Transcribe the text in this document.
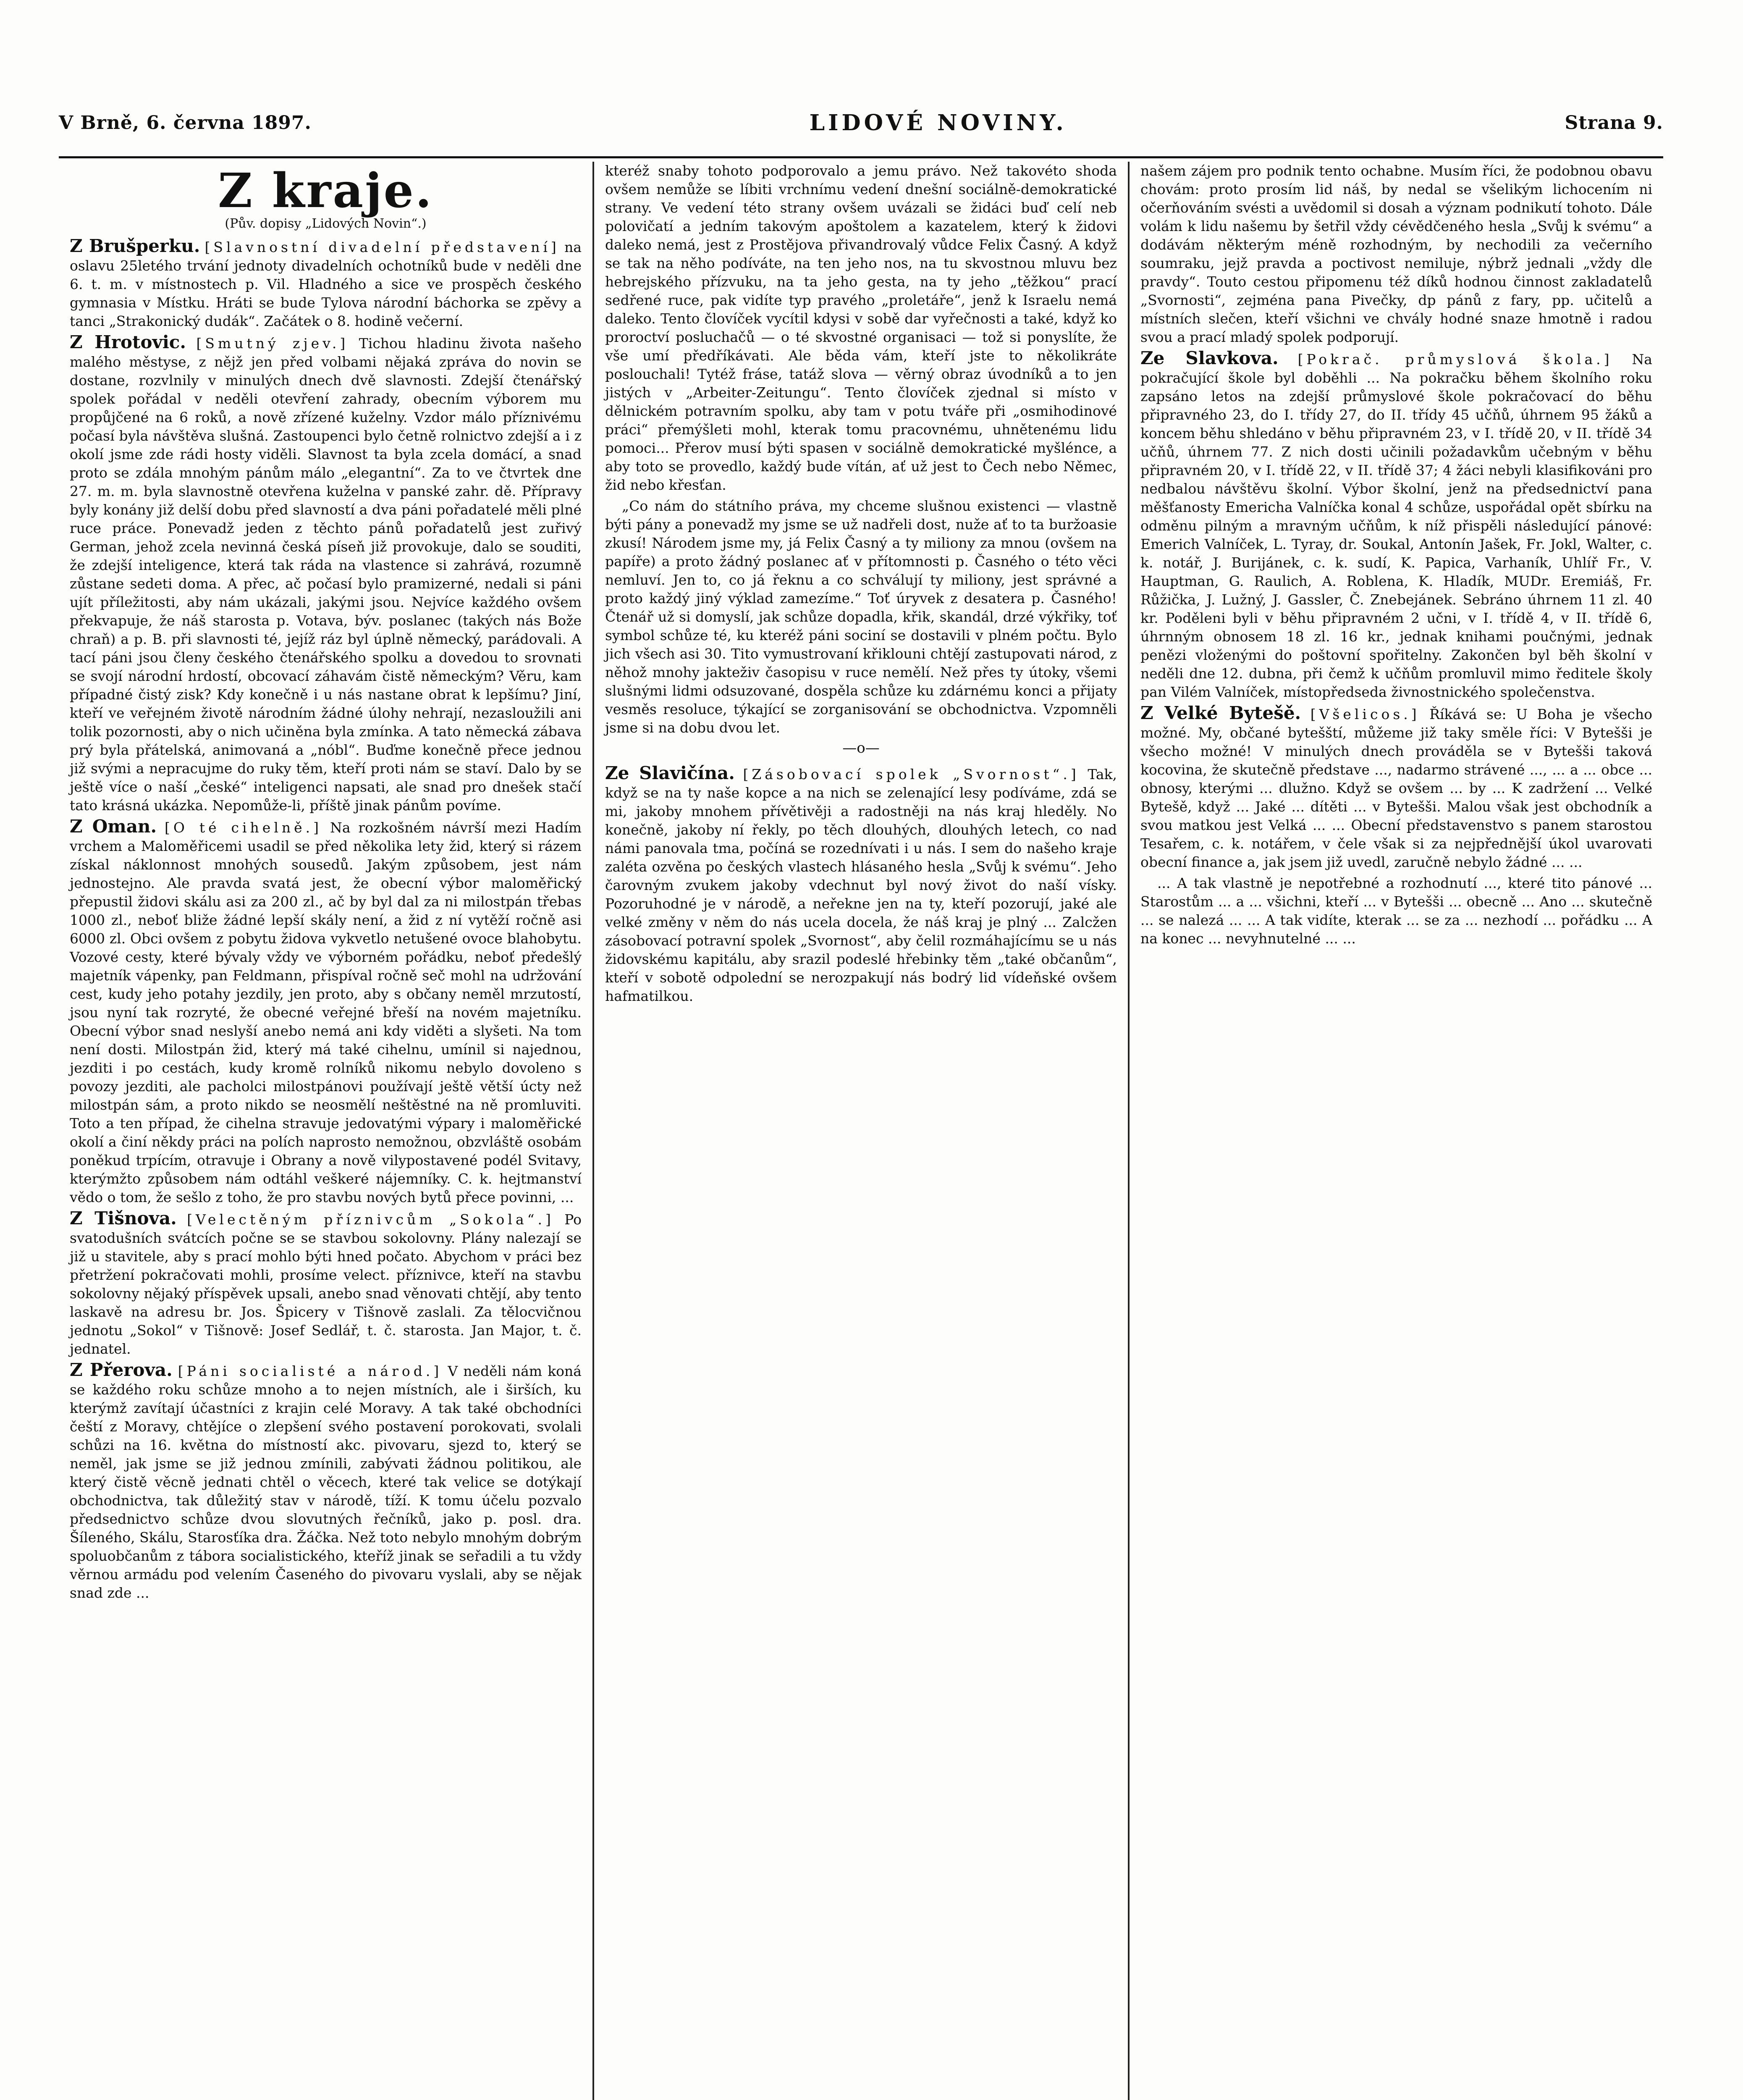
V Brně, 6. června 1897.	LIDOVÉ NOVINY.	Strana 9.
Z kraje.
(Pův. dopisy „Lidových Novin“.)

Z Brušperku. [Slavnostní divadelní představení] na oslavu 25letého trvání jednoty divadelních ochotníků bude v neděli dne 6. t. m. v místnostech p. Vil. Hladného a sice ve prospěch českého gymnasia v Místku. Hráti se bude Tylova národní báchorka se zpěvy a tanci „Strakonický dudák“. Začátek o 8. hodině večerní.

Z Hrotovic. [Smutný zjev.] Tichou hladinu života našeho malého městyse, z nějž jen před volbami nějaká zpráva do novin se dostane, rozvlnily v minulých dnech dvě slavnosti. Zdejší čtenářský spolek pořádal v neděli otevření zahrady, obecním výborem mu propůjčené na 6 roků, a nově zřízené kuželny. Vzdor málo příznivému počasí byla návštěva slušná. Zastoupenci bylo četně rolnictvo zdejší a i z okolí jsme zde rádi hosty viděli. Slavnost ta byla zcela domácí, a snad proto se zdála mnohým pánům málo „elegantní“. Za to ve čtvrtek dne 27. m. m. byla slavnostně otevřena kuželna v panské zahr. dě. Přípravy byly konány již delší dobu před slavností a dva páni pořadatelé měli plné ruce práce. Ponevadž jeden z těchto pánů pořadatelů jest zuřivý German, jehož zcela nevinná česká píseň již provokuje, dalo se souditi, že zdejší inteligence, která tak ráda na vlastence si zahrává, rozumně zůstane sedeti doma. A přec, ač počasí bylo pramizerné, nedali si páni ujít příležitosti, aby nám ukázali, jakými jsou. Nejvíce každého ovšem překvapuje, že náš starosta p. Votava, býv. poslanec (takých nás Bože chraň) a p. B. při slavnosti té, jejíž ráz byl úplně německý, parádovali. A tací páni jsou členy českého čtenářského spolku a dovedou to srovnati se svojí národní hrdostí, obcovací záhavám čistě německým? Věru, kam případné čistý zisk? Kdy konečně i u nás nastane obrat k lepšímu? Jiní, kteří ve veřejném životě národním žádné úlohy nehrají, nezasloužili ani tolik pozornosti, aby o nich učiněna byla zmínka. A tato německá zábava prý byla přátelská, animovaná a „nóbl“. Buďme konečně přece jednou již svými a nepracujme do ruky těm, kteří proti nám se staví. Dalo by se ještě více o naší „české“ inteligenci napsati, ale snad pro dnešek stačí tato krásná ukázka. Nepomůže-li, příště jinak pánům povíme.

Z Oman. [O té cihelně.] Na rozkošném návrší mezi Hadím vrchem a Maloměřicemi usadil se před několika lety žid, který si rázem získal náklonnost mnohých sousedů. Jakým způsobem, jest nám jednostejno. Ale pravda svatá jest, že obecní výbor maloměřický přepustil židovi skálu asi za 200 zl., ač by byl dal za ni milostpán třebas 1000 zl., neboť bliže žádné lepší skály není, a žid z ní vytěží ročně asi 6000 zl. Obci ovšem z pobytu židova vykvetlo netušené ovoce blahobytu. Vozové cesty, které bývaly vždy ve výborném pořádku, neboť předešlý majetník vápenky, pan Feldmann, přispíval ročně seč mohl na udržování cest, kudy jeho potahy jezdily, jen proto, aby s občany neměl mrzutostí, jsou nyní tak rozryté, že obecné veřejné břeší na novém majetníku. Obecní výbor snad neslyší anebo nemá ani kdy viděti a slyšeti. Na tom není dosti. Milostpán žid, který má také cihelnu, umínil si najednou, jezditi i po cestách, kudy kromě rolníků nikomu nebylo dovoleno s povozy jezditi, ale pacholci milostpánovi používají ještě větší úcty než milostpán sám, a proto nikdo se neosmělí neštěstné na ně promluviti. Toto a ten případ, že cihelna stravuje jedovatými výpary i maloměřické okolí a činí někdy práci na polích naprosto nemožnou, obzvláště osobám poněkud trpícím, otravuje i Obrany a nově vilypostavené podél Svitavy, kterýmžto způsobem nám odtáhl veškeré nájemníky. C. k. hejtmanství vědo o tom, že sešlo z toho, že pro stavbu nových bytů přece povinni, ...

Z Tišnova. [Velectěným příznivcům „Sokola“.] Po svatodušních svátcích počne se se stavbou sokolovny. Plány nalezají se již u stavitele, aby s prací mohlo býti hned počato. Abychom v práci bez přetržení pokračovati mohli, prosíme velect. příznivce, kteří na stavbu sokolovny nějaký příspěvek upsali, anebo snad věnovati chtějí, aby tento laskavě na adresu br. Jos. Špicery v Tišnově zaslali. Za tělocvičnou jednotu „Sokol“ v Tišnově: Josef Sedlář, t. č. starosta. Jan Major, t. č. jednatel.

Z Přerova. [Páni socialisté a národ.] V neděli nám koná se každého roku schůze mnoho a to nejen místních, ale i širších, ku kterýmž zavítají účastníci z krajin celé Moravy. A tak také obchodníci čeští z Moravy, chtějíce o zlepšení svého postavení porokovati, svolali schůzi na 16. května do místností akc. pivovaru, sjezd to, který se neměl, jak jsme se již jednou zmínili, zabývati žádnou politikou, ale který čistě věcně jednati chtěl o věcech, které tak velice se dotýkají obchodnictva, tak důležitý stav v národě, tíží. K tomu účelu pozvalo předsednictvo schůze dvou slovutných řečníků, jako p. posl. dra. Šíleného, Skálu, Starosťíka dra. Žáčka. Než toto nebylo mnohým dobrým spoluobčanům z tábora socialistického, kteříž jinak se seřadili a tu vždy věrnou armádu pod velením Časeného do pivovaru vyslali, aby se nějak snad zde ...

kteréž snaby tohoto podporovalo a jemu právo. Než takovéto shoda ovšem nemůže se líbiti vrchnímu vedení dnešní sociálně-demokratické strany. Ve vedení této strany ovšem uvázali se židáci buď celí neb polovičatí a jedním takovým apoštolem a kazatelem, který k židovi daleko nemá, jest z Prostějova přivandrovalý vůdce Felix Časný. A když se tak na něho podíváte, na ten jeho nos, na tu skvostnou mluvu bez hebrejského přízvuku, na ta jeho gesta, na ty jeho „těžkou“ prací sedřené ruce, pak vidíte typ pravého „proletáře“, jenž k Israelu nemá daleko. Tento človíček vycítil kdysi v sobě dar vyřečnosti a také, když ko proroctví posluchačů — o té skvostné organisaci — tož si ponyslíte, že vše umí předříkávati. Ale běda vám, kteří jste to několikráte poslouchali! Tytéž fráse, tatáž slova — věrný obraz úvodníků a to jen jistých v „Arbeiter-Zeitungu“. Tento človíček zjednal si místo v dělnickém potravním spolku, aby tam v potu tváře při „osmihodinové práci“ přemýšleti mohl, kterak tomu pracovnému, uhnětenému lidu pomoci... Přerov musí býti spasen v sociálně demokratické myšlénce, a aby toto se provedlo, každý bude vítán, ať už jest to Čech nebo Němec, žid nebo křesťan.

„Co nám do státního práva, my chceme slušnou existenci — vlastně býti pány a ponevadž my jsme se už nadřeli dost, nuže ať to ta buržoasie zkusí! Národem jsme my, já Felix Časný a ty miliony za mnou (ovšem na papíře) a proto žádný poslanec ať v přítomnosti p. Časného o této věci nemluví. Jen to, co já řeknu a co schválují ty miliony, jest správné a proto každý jiný výklad zamezíme.“ Toť úryvek z desatera p. Časného! Čtenář už si domyslí, jak schůze dopadla, křik, skandál, drzé výkřiky, toť symbol schůze té, ku kteréž páni sociní se dostavili v plném počtu. Bylo jich všech asi 30. Tito vymustrovaní křiklouni chtějí zastupovati národ, z něhož mnohy jakteživ časopisu v ruce nemělí. Než přes ty útoky, všemi slušnými lidmi odsuzované, dospěla schůze ku zdárnému konci a přijaty vesměs resoluce, týkající se zorganisování se obchodnictva. Vzpomněli jsme si na dobu dvou let.

—o—

Ze Slavičína. [Zásobovací spolek „Svornost“.] Tak, když se na ty naše kopce a na nich se zelenající lesy podíváme, zdá se mi, jakoby mnohem přívětivěji a radostněji na nás kraj hleděly. No konečně, jakoby ní řekly, po těch dlouhých, dlouhých letech, co nad námi panovala tma, počíná se rozednívati i u nás. I sem do našeho kraje zaléta ozvěna po českých vlastech hlásaného hesla „Svůj k svému“. Jeho čarovným zvukem jakoby vdechnut byl nový život do naší vísky. Pozoruhodné je v národě, a neřekne jen na ty, kteří pozorují, jaké ale velké změny v něm do nás ucela docela, že náš kraj je plný ... Zalcžen zásobovací potravní spolek „Svornost“, aby čelil rozmáhajícímu se u nás židovskému kapitálu, aby srazil podeslé hřebinky těm „také občanům“, kteří v sobotě odpolední se nerozpakují nás bodrý lid vídeňské ovšem hafmatilkou.

našem zájem pro podnik tento ochabne. Musím říci, že podobnou obavu chovám: proto prosím lid náš, by nedal se všelikým lichocením ni očerňováním svésti a uvědomil si dosah a význam podnikutí tohoto. Dále volám k lidu našemu by šetřil vždy cévědčeného hesla „Svůj k svému“ a dodávám některým méně rozhodným, by nechodili za večerního soumraku, jejž pravda a poctivost nemiluje, nýbrž jednali „vždy dle pravdy“. Touto cestou připomenu též díků hodnou činnost zakladatelů „Svornosti“, zejména pana Pivečky, dp pánů z fary, pp. učitelů a místních slečen, kteří všichni ve chvály hodné snaze hmotně i radou svou a prací mladý spolek podporují.

Ze Slavkova. [Pokrač. průmyslová škola.] Na pokračující škole byl doběhli ... Na pokračku během školního roku zapsáno letos na zdejší průmyslové škole pokračovací do běhu připravného 23, do I. třídy 27, do II. třídy 45 učňů, úhrnem 95 žáků a koncem běhu shledáno v běhu připravném 23, v I. třídě 20, v II. třídě 34 učňů, úhrnem 77. Z nich dosti učinili požadavkům učebným v běhu připravném 20, v I. třídě 22, v II. třídě 37; 4 žáci nebyli klasifikováni pro nedbalou návštěvu školní. Výbor školní, jenž na předsednictví pana měšťanosty Emericha Valníčka konal 4 schůze, uspořádal opět sbírku na odměnu pilným a mravným učňům, k níž přispěli následující pánové: Emerich Valníček, L. Tyray, dr. Soukal, Antonín Jašek, Fr. Jokl, Walter, c. k. notář, J. Burijánek, c. k. sudí, K. Papica, Varhaník, Uhlíř Fr., V. Hauptman, G. Raulich, A. Roblena, K. Hladík, MUDr. Eremiáš, Fr. Růžička, J. Lužný, J. Gassler, Č. Znebejánek. Sebráno úhrnem 11 zl. 40 kr. Poděleni byli v běhu připravném 2 učni, v I. třídě 4, v II. třídě 6, úhrnným obnosem 18 zl. 16 kr., jednak knihami poučnými, jednak penězi vloženými do poštovní spořitelny. Zakončen byl běh školní v neděli dne 12. dubna, při čemž k učňům promluvil mimo ředitele školy pan Vilém Valníček, místopředseda živnostnického společenstva.

Z Velké Bytešě. [Všelicos.] Říkává se: U Boha je všecho možné. My, občané bytešští, můžeme již taky směle říci: V Bytešši je všecho možné! V minulých dnech prováděla se v Bytešši taková kocovina, že skutečně představe ..., nadarmo strávené ..., ... a ... obce ... obnosy, kterými ... dlužno. Když se ovšem ... by ... K zadržení ... Velké Bytešě, když ... Jaké ... dítěti ... v Bytešši. Malou však jest obchodník a svou matkou jest Velká ... ... Obecní představenstvo s panem starostou Tesařem, c. k. notářem, v čele však si za nejpřednější úkol uvarovati obecní finance a, jak jsem již uvedl, zaručně nebylo žádné ... ...

... A tak vlastně je nepotřebné a rozhodnutí ..., které tito pánové ... Starostům ... a ... všichni, kteří ... v Bytešši ... obecně ... Ano ... skutečně ... se nalezá ... ... A tak vidíte, kterak ... se za ... nezhodí ... pořádku ... A na konec ... nevyhnutelné ... ...
